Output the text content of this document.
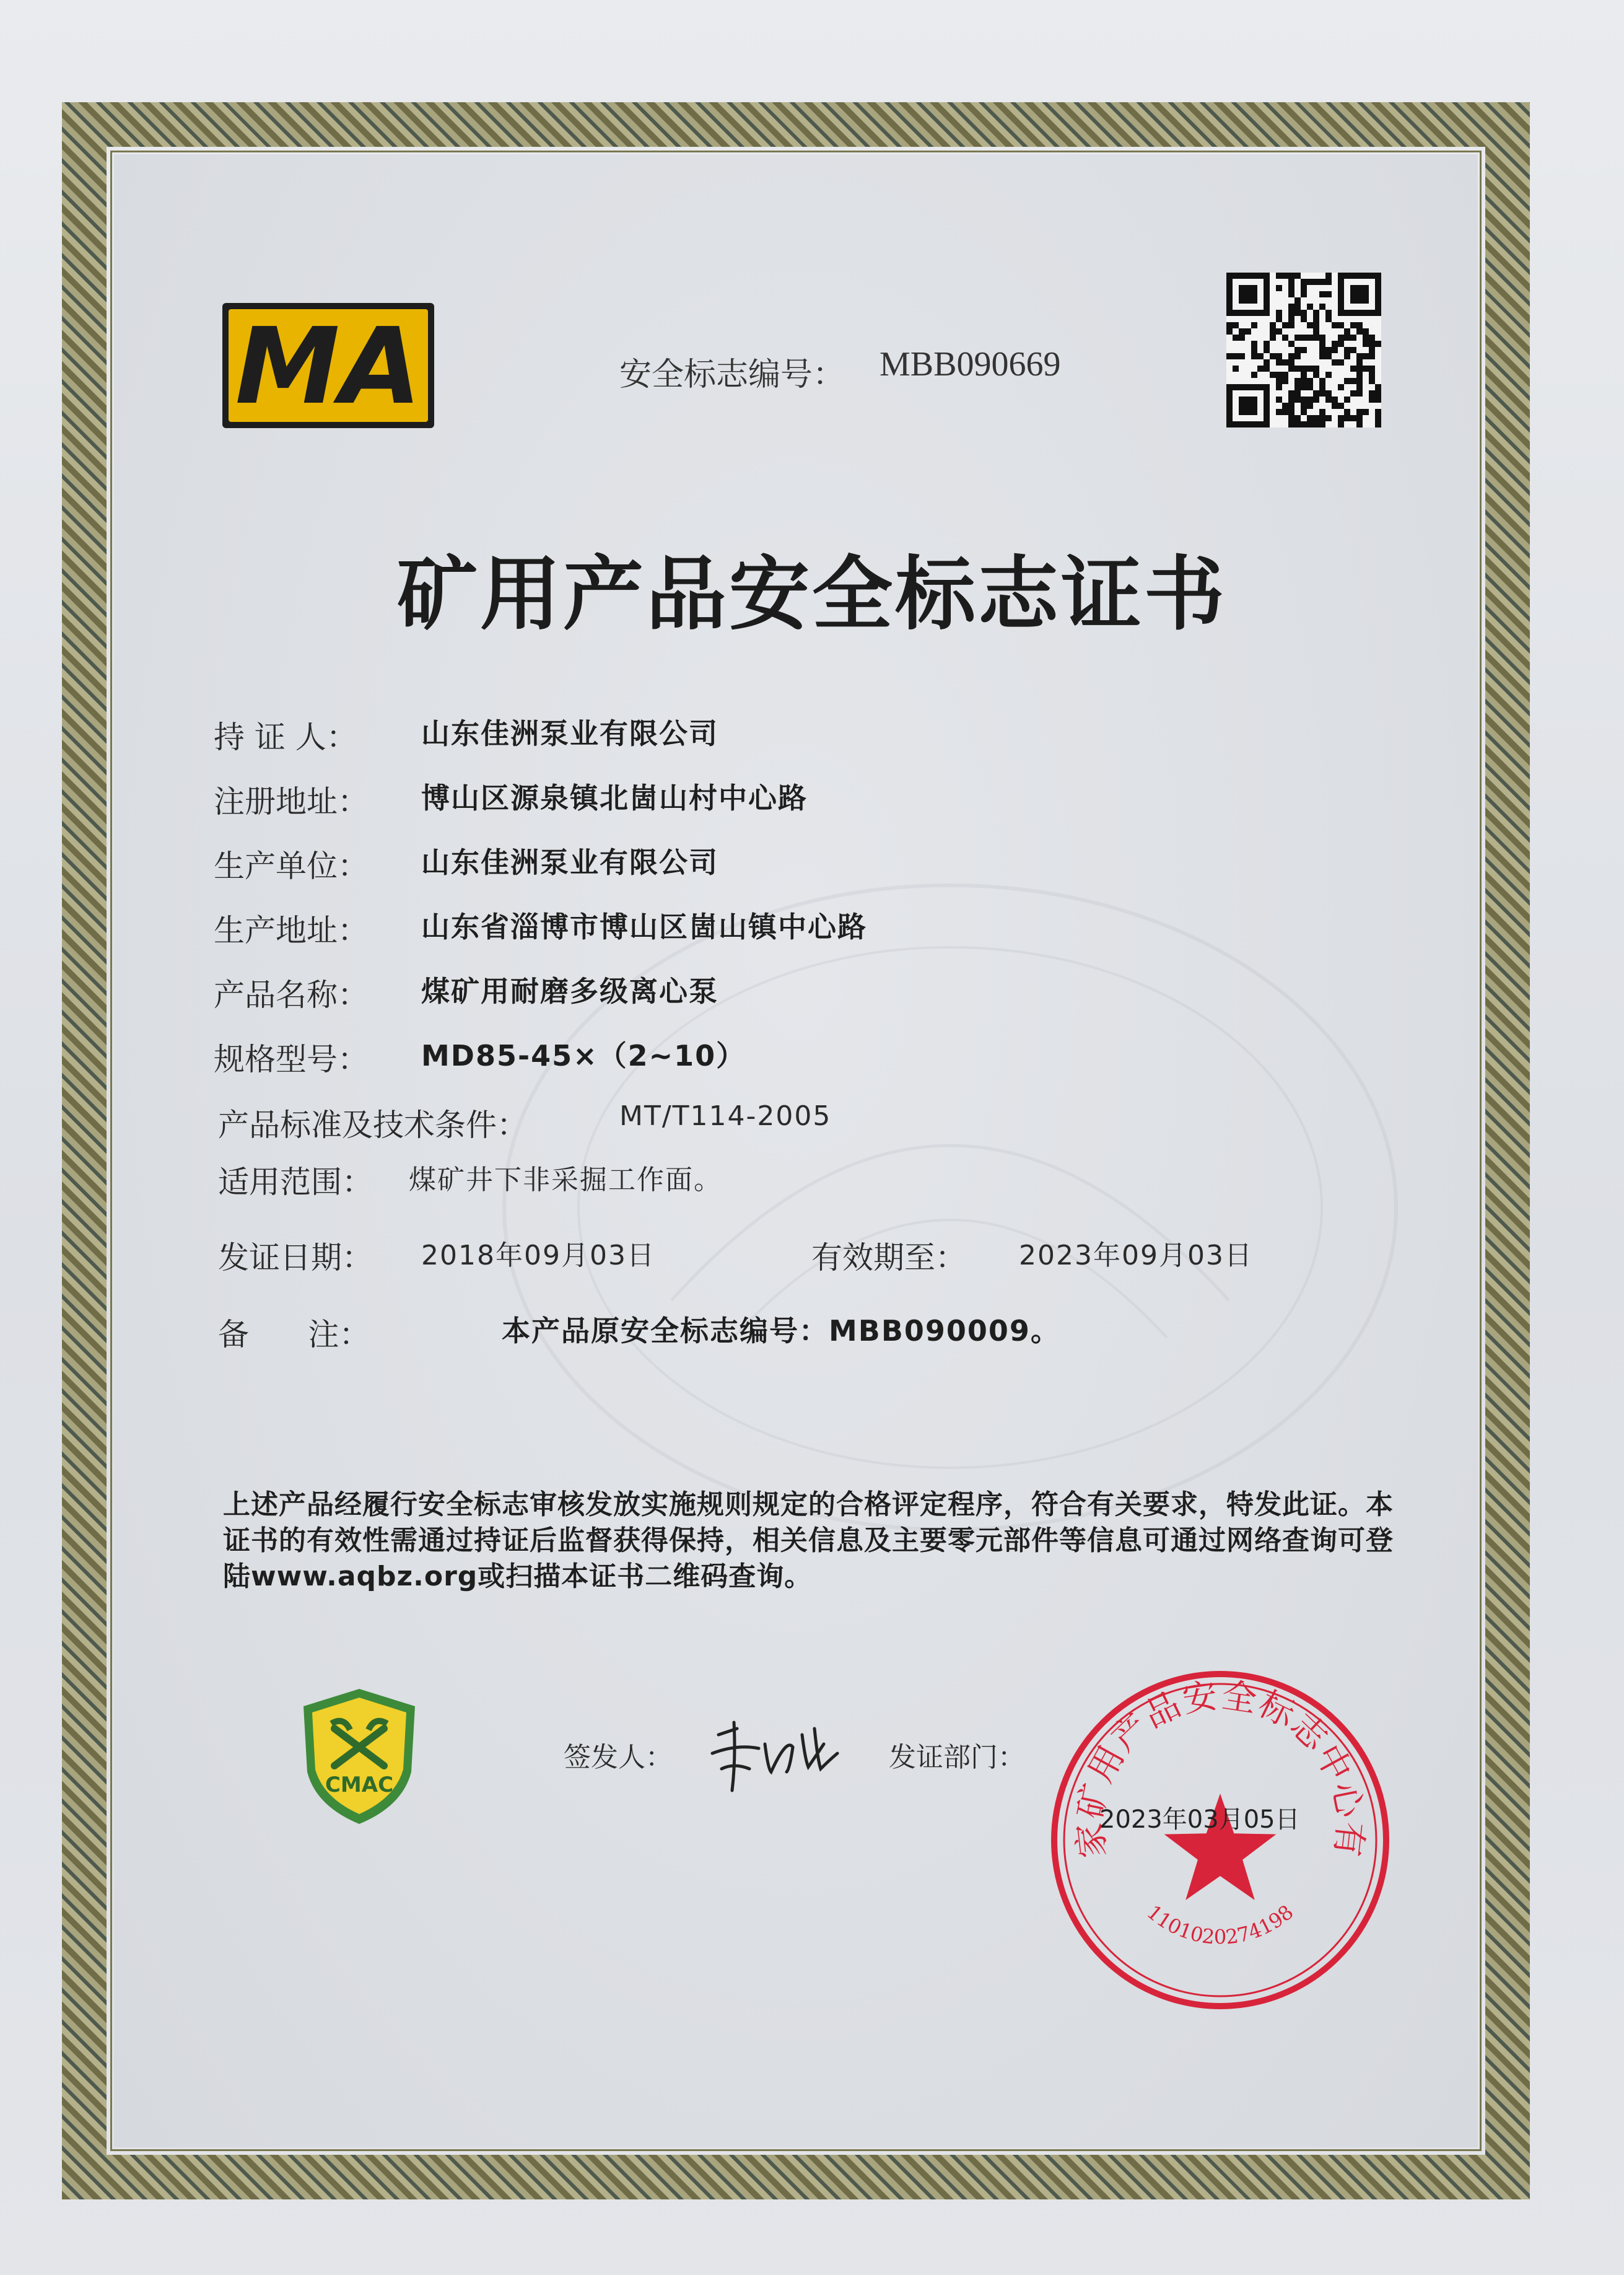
MA	安全标志编号： MBB090669
矿用产品安全标志证书
持 证 人： 山东佳洲泵业有限公司
注册地址： 博山区源泉镇北崮山村中心路
生产单位： 山东佳洲泵业有限公司
生产地址： 山东省淄博市博山区崮山镇中心路
产品名称： 煤矿用耐磨多级离心泵
规格型号： MD85-45×（2~10）
产品标准及技术条件：	MT/T114-2005
适用范围： 煤矿井下非采掘工作面。
发证日期： 2018年09月03日	有效期至： 2023年09月03日
备      注：	本产品原安全标志编号：MBB090009。
上述产品经履行安全标志审核发放实施规则规定的合格评定程序，符合有关要求，特发此证。本证书的有效性需通过持证后监督获得保持，相关信息及主要零元部件等信息可通过网络查询可登陆www.aqbz.org或扫描本证书二维码查询。
CMAC
签发人：	发证部门：
家矿用产品安全标志中心有
1101020274198
2023年03月05日
